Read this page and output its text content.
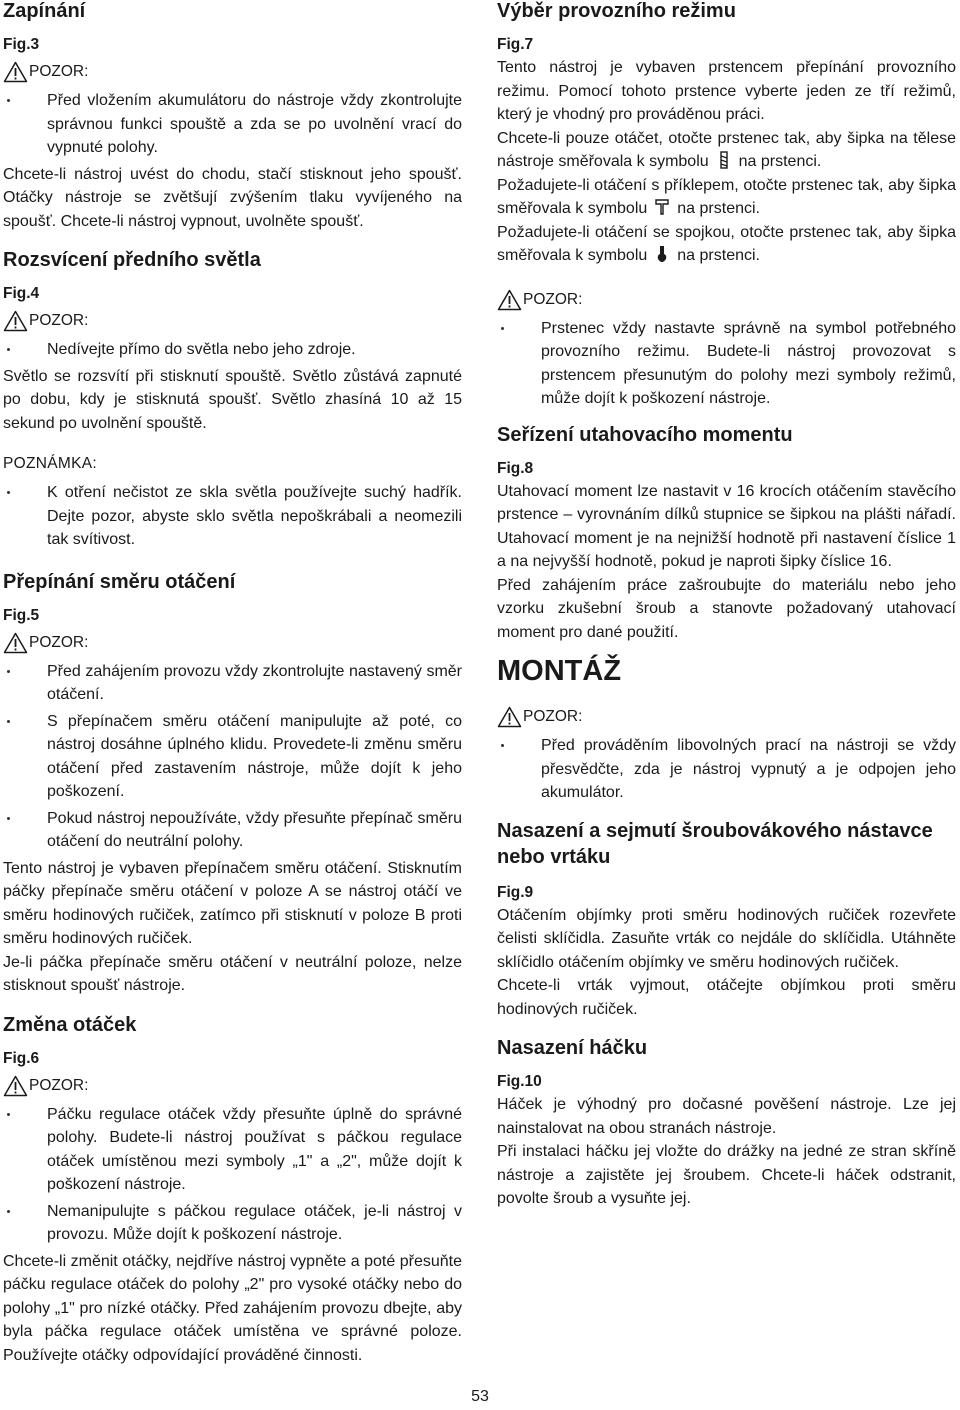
Zapínání
Fig.3
POZOR:
Před vložením akumulátoru do nástroje vždy zkontrolujte správnou funkci spouště a zda se po uvolnění vrací do vypnuté polohy.

Chcete-li nástroj uvést do chodu, stačí stisknout jeho spoušť. Otáčky nástroje se zvětšují zvýšením tlaku vyvíjeného na spoušť. Chcete-li nástroj vypnout, uvolněte spoušť.

Rozsvícení předního světla
Fig.4
POZOR:
Nedívejte přímo do světla nebo jeho zdroje.

Světlo se rozsvítí při stisknutí spouště. Světlo zůstává zapnuté po dobu, kdy je stisknutá spoušť. Světlo zhasíná 10 až 15 sekund po uvolnění spouště.

POZNÁMKA:
K otření nečistot ze skla světla používejte suchý hadřík. Dejte pozor, abyste sklo světla nepoškrábali a neomezili tak svítivost.
Přepínání směru otáčení
Fig.5
POZOR:
Před zahájením provozu vždy zkontrolujte nastavený směr otáčení.
S přepínačem směru otáčení manipulujte až poté, co nástroj dosáhne úplného klidu. Provedete-li změnu směru otáčení před zastavením nástroje, může dojít k jeho poškození.
Pokud nástroj nepoužíváte, vždy přesuňte přepínač směru otáčení do neutrální polohy.

Tento nástroj je vybaven přepínačem směru otáčení. Stisknutím páčky přepínače směru otáčení v poloze A se nástroj otáčí ve směru hodinových ručiček, zatímco při stisknutí v poloze B proti směru hodinových ručiček.

Je-li páčka přepínače směru otáčení v neutrální poloze, nelze stisknout spoušť nástroje.

Změna otáček
Fig.6
POZOR:
Páčku regulace otáček vždy přesuňte úplně do správné polohy. Budete-li nástroj používat s páčkou regulace otáček umístěnou mezi symboly „1" a „2", může dojít k poškození nástroje.
Nemanipulujte s páčkou regulace otáček, je-li nástroj v provozu. Může dojít k poškození nástroje.

Chcete-li změnit otáčky, nejdříve nástroj vypněte a poté přesuňte páčku regulace otáček do polohy „2" pro vysoké otáčky nebo do polohy „1" pro nízké otáčky. Před zahájením provozu dbejte, aby byla páčka regulace otáček umístěna ve správné poloze. Používejte otáčky odpovídající prováděné činnosti.

Výběr provozního režimu
Fig.7

Tento nástroj je vybaven prstencem přepínání provozního režimu. Pomocí tohoto prstence vyberte jeden ze tří režimů, který je vhodný pro prováděnou práci.

Chcete-li pouze otáčet, otočte prstenec tak, aby šipka na tělese nástroje směřovala k symbolu na prstenci.

Požadujete-li otáčení s příklepem, otočte prstenec tak, aby šipka směřovala k symbolu na prstenci.

Požadujete-li otáčení se spojkou, otočte prstenec tak, aby šipka směřovala k symbolu na prstenci.

POZOR:
Prstenec vždy nastavte správně na symbol potřebného provozního režimu. Budete-li nástroj provozovat s prstencem přesunutým do polohy mezi symboly režimů, může dojít k poškození nástroje.
Seřízení utahovacího momentu
Fig.8

Utahovací moment lze nastavit v 16 krocích otáčením stavěcího prstence – vyrovnáním dílků stupnice se šipkou na plášti nářadí. Utahovací moment je na nejnižší hodnotě při nastavení číslice 1 a na nejvyšší hodnotě, pokud je naproti šipky číslice 16.

Před zahájením práce zašroubujte do materiálu nebo jeho vzorku zkušební šroub a stanovte požadovaný utahovací moment pro dané použití.

MONTÁŽ
POZOR:
Před prováděním libovolných prací na nástroji se vždy přesvědčte, zda je nástroj vypnutý a je odpojen jeho akumulátor.
Nasazení a sejmutí šroubovákového nástavce nebo vrtáku
Fig.9

Otáčením objímky proti směru hodinových ručiček rozevřete čelisti sklíčidla. Zasuňte vrták co nejdále do sklíčidla. Utáhněte sklíčidlo otáčením objímky ve směru hodinových ručiček.

Chcete-li vrták vyjmout, otáčejte objímkou proti směru hodinových ručiček.

Nasazení háčku
Fig.10

Háček je výhodný pro dočasné pověšení nástroje. Lze jej nainstalovat na obou stranách nástroje.

Při instalaci háčku jej vložte do drážky na jedné ze stran skříně nástroje a zajistěte jej šroubem. Chcete-li háček odstranit, povolte šroub a vysuňte jej.

53
